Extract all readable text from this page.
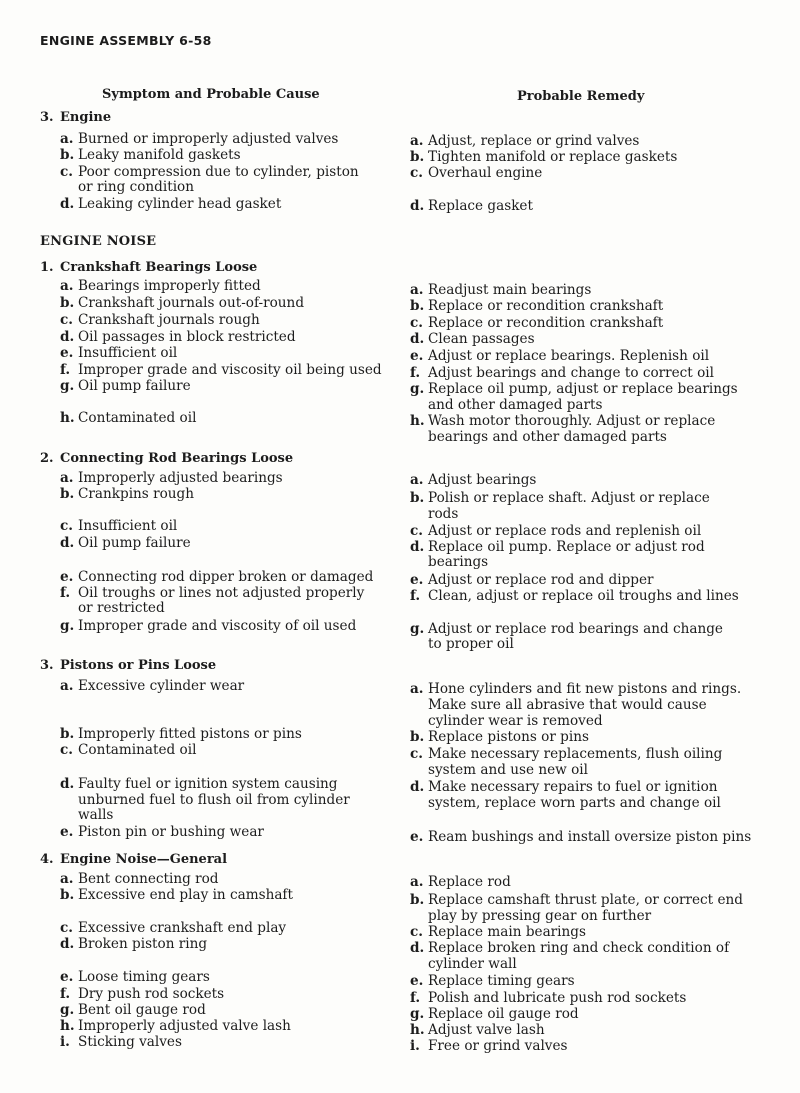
ENGINE ASSEMBLY 6-58
Symptom and Probable Cause	Probable Remedy
3. Engine
a. Burned or improperly adjusted valves
b. Leaky manifold gaskets
c. Poor compression due to cylinder, piston
or ring condition
d. Leaking cylinder head gasket
a. Adjust, replace or grind valves
b. Tighten manifold or replace gaskets
c. Overhaul engine
d. Replace gasket
ENGINE NOISE
1. Crankshaft Bearings Loose
a. Bearings improperly fitted
b. Crankshaft journals out-of-round
c. Crankshaft journals rough
d. Oil passages in block restricted
e. Insufficient oil
f. Improper grade and viscosity oil being used
g. Oil pump failure
h. Contaminated oil
a. Readjust main bearings
b. Replace or recondition crankshaft
c. Replace or recondition crankshaft
d. Clean passages
e. Adjust or replace bearings. Replenish oil
f. Adjust bearings and change to correct oil
g. Replace oil pump, adjust or replace bearings
and other damaged parts
h. Wash motor thoroughly. Adjust or replace
bearings and other damaged parts
2. Connecting Rod Bearings Loose
a. Improperly adjusted bearings
b. Crankpins rough
c. Insufficient oil
d. Oil pump failure
e. Connecting rod dipper broken or damaged
f. Oil troughs or lines not adjusted properly
or restricted
g. Improper grade and viscosity of oil used
a. Adjust bearings
b. Polish or replace shaft. Adjust or replace
rods
c. Adjust or replace rods and replenish oil
d. Replace oil pump. Replace or adjust rod
bearings
e. Adjust or replace rod and dipper
f. Clean, adjust or replace oil troughs and lines
g. Adjust or replace rod bearings and change
to proper oil
3. Pistons or Pins Loose
a. Excessive cylinder wear
b. Improperly fitted pistons or pins
c. Contaminated oil
d. Faulty fuel or ignition system causing
unburned fuel to flush oil from cylinder
walls
e. Piston pin or bushing wear
a. Hone cylinders and fit new pistons and rings.
Make sure all abrasive that would cause
cylinder wear is removed
b. Replace pistons or pins
c. Make necessary replacements, flush oiling
system and use new oil
d. Make necessary repairs to fuel or ignition
system, replace worn parts and change oil
e. Ream bushings and install oversize piston pins
4. Engine Noise—General
a. Bent connecting rod
b. Excessive end play in camshaft
c. Excessive crankshaft end play
d. Broken piston ring
e. Loose timing gears
f. Dry push rod sockets
g. Bent oil gauge rod
h. Improperly adjusted valve lash
i. Sticking valves
a. Replace rod
b. Replace camshaft thrust plate, or correct end
play by pressing gear on further
c. Replace main bearings
d. Replace broken ring and check condition of
cylinder wall
e. Replace timing gears
f. Polish and lubricate push rod sockets
g. Replace oil gauge rod
h. Adjust valve lash
i. Free or grind valves
